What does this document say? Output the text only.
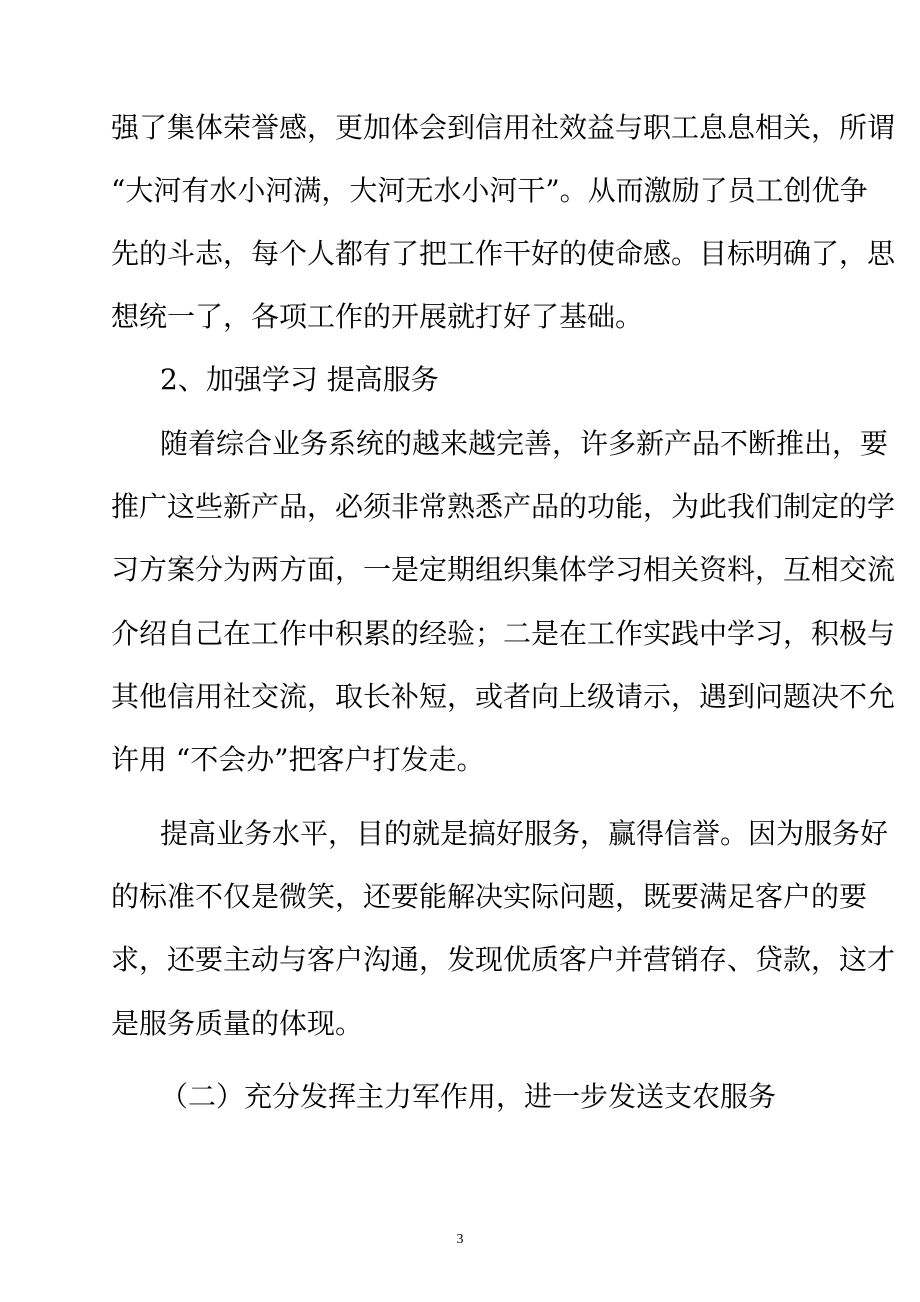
强了集体荣誉感，更加体会到信用社效益与职工息息相关，所谓
“大河有水小河满，大河无水小河干”。从而激励了员工创优争
先的斗志，每个人都有了把工作干好的使命感。目标明确了，思
想统一了，各项工作的开展就打好了基础。
2、加强学习 提高服务
随着综合业务系统的越来越完善，许多新产品不断推出，要
推广这些新产品，必须非常熟悉产品的功能，为此我们制定的学
习方案分为两方面，一是定期组织集体学习相关资料，互相交流
介绍自己在工作中积累的经验；二是在工作实践中学习，积极与
其他信用社交流，取长补短，或者向上级请示，遇到问题决不允
许用 “不会办”把客户打发走。
提高业务水平，目的就是搞好服务，赢得信誉。因为服务好
的标准不仅是微笑，还要能解决实际问题，既要满足客户的要
求，还要主动与客户沟通，发现优质客户并营销存、贷款，这才
是服务质量的体现。
（二）充分发挥主力军作用，进一步发送支农服务
3
